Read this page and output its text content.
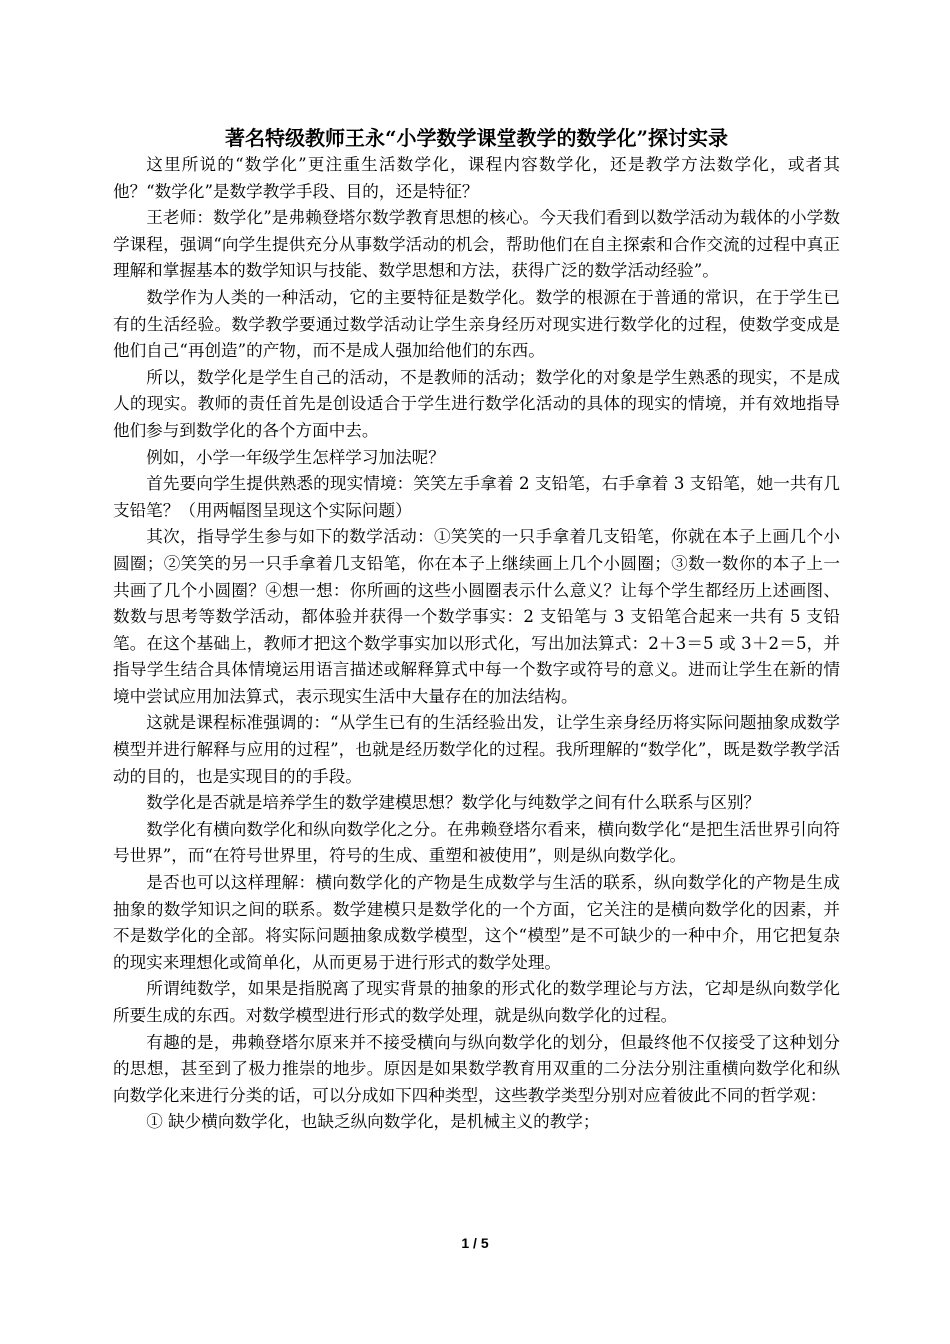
著名特级教师王永“小学数学课堂教学的数学化”探讨实录

这里所说的“数学化”更注重生活数学化，课程内容数学化，还是教学方法数学化，或者其他？“数学化”是数学教学手段、目的，还是特征？

王老师：数学化”是弗赖登塔尔数学教育思想的核心。今天我们看到以数学活动为载体的小学数学课程，强调“向学生提供充分从事数学活动的机会，帮助他们在自主探索和合作交流的过程中真正理解和掌握基本的数学知识与技能、数学思想和方法，获得广泛的数学活动经验”。

数学作为人类的一种活动，它的主要特征是数学化。数学的根源在于普通的常识，在于学生已有的生活经验。数学教学要通过数学活动让学生亲身经历对现实进行数学化的过程，使数学变成是他们自己“再创造”的产物，而不是成人强加给他们的东西。

所以，数学化是学生自己的活动，不是教师的活动；数学化的对象是学生熟悉的现实，不是成人的现实。教师的责任首先是创设适合于学生进行数学化活动的具体的现实的情境，并有效地指导他们参与到数学化的各个方面中去。

例如，小学一年级学生怎样学习加法呢？

首先要向学生提供熟悉的现实情境：笑笑左手拿着 2 支铅笔，右手拿着 3 支铅笔，她一共有几支铅笔？（用两幅图呈现这个实际问题）

其次，指导学生参与如下的数学活动：①笑笑的一只手拿着几支铅笔，你就在本子上画几个小圆圈；②笑笑的另一只手拿着几支铅笔，你在本子上继续画上几个小圆圈；③数一数你的本子上一共画了几个小圆圈？④想一想：你所画的这些小圆圈表示什么意义？让每个学生都经历上述画图、数数与思考等数学活动，都体验并获得一个数学事实：2 支铅笔与 3 支铅笔合起来一共有 5 支铅笔。在这个基础上，教师才把这个数学事实加以形式化，写出加法算式：2＋3＝5 或 3＋2＝5，并指导学生结合具体情境运用语言描述或解释算式中每一个数字或符号的意义。进而让学生在新的情境中尝试应用加法算式，表示现实生活中大量存在的加法结构。

这就是课程标准强调的：“从学生已有的生活经验出发，让学生亲身经历将实际问题抽象成数学模型并进行解释与应用的过程”，也就是经历数学化的过程。我所理解的“数学化”，既是数学教学活动的目的，也是实现目的的手段。

数学化是否就是培养学生的数学建模思想？数学化与纯数学之间有什么联系与区别？

数学化有横向数学化和纵向数学化之分。在弗赖登塔尔看来，横向数学化“是把生活世界引向符号世界”，而“在符号世界里，符号的生成、重塑和被使用”，则是纵向数学化。

是否也可以这样理解：横向数学化的产物是生成数学与生活的联系，纵向数学化的产物是生成抽象的数学知识之间的联系。数学建模只是数学化的一个方面，它关注的是横向数学化的因素，并不是数学化的全部。将实际问题抽象成数学模型，这个“模型”是不可缺少的一种中介，用它把复杂的现实来理想化或简单化，从而更易于进行形式的数学处理。

所谓纯数学，如果是指脱离了现实背景的抽象的形式化的数学理论与方法，它却是纵向数学化所要生成的东西。对数学模型进行形式的数学处理，就是纵向数学化的过程。

有趣的是，弗赖登塔尔原来并不接受横向与纵向数学化的划分，但最终他不仅接受了这种划分的思想，甚至到了极力推崇的地步。原因是如果数学教育用双重的二分法分别注重横向数学化和纵向数学化来进行分类的话，可以分成如下四种类型，这些教学类型分别对应着彼此不同的哲学观：

① 缺少横向数学化，也缺乏纵向数学化，是机械主义的教学；

1 / 5
